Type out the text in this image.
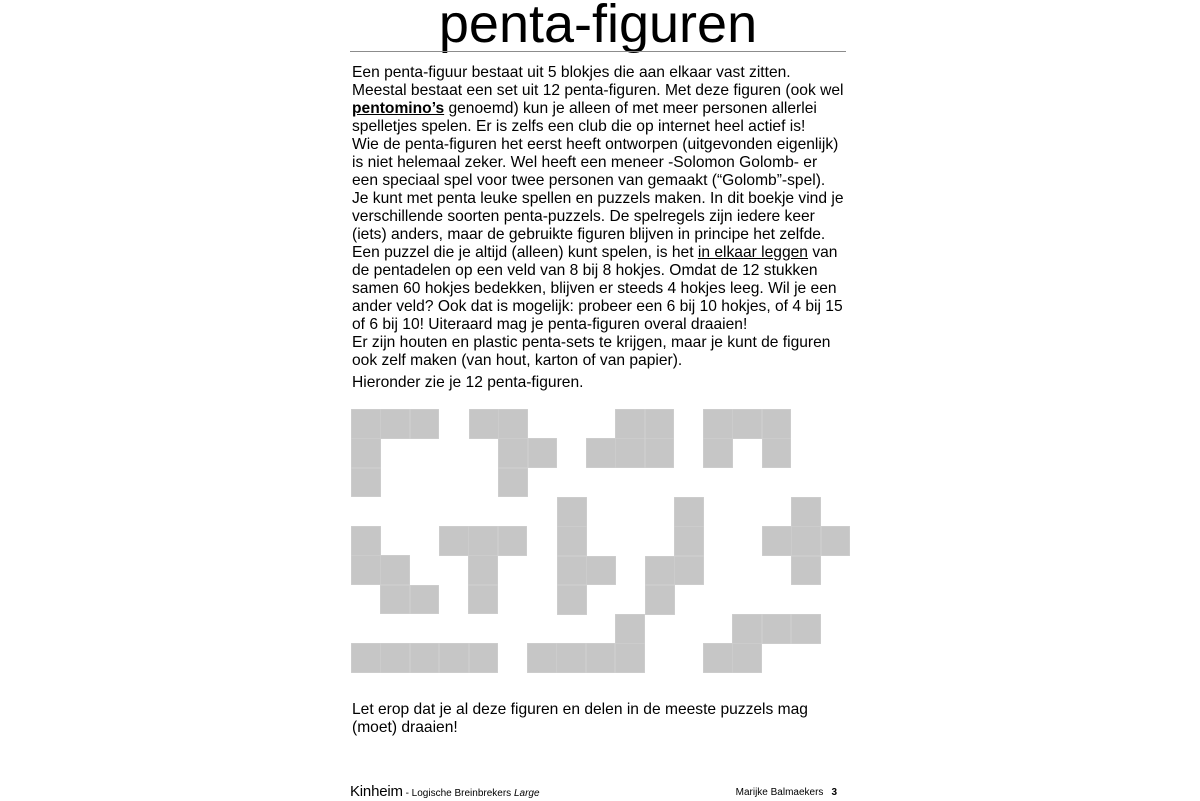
penta-figuren

Een penta-figuur bestaat uit 5 blokjes die aan elkaar vast zitten. Meestal bestaat een set uit 12 penta-figuren. Met deze figuren (ook wel pentomino’s genoemd) kun je alleen of met meer personen allerlei spelletjes spelen. Er is zelfs een club die op internet heel actief is!

Wie de penta-figuren het eerst heeft ontworpen (uitgevonden eigenlijk) is niet helemaal zeker. Wel heeft een meneer -Solomon Golomb- er een speciaal spel voor twee personen van gemaakt (“Golomb”-spel).

Je kunt met penta leuke spellen en puzzels maken. In dit boekje vind je verschillende soorten penta-puzzels. De spelregels zijn iedere keer (iets) anders, maar de gebruikte figuren blijven in principe het zelfde.

Een puzzel die je altijd (alleen) kunt spelen, is het in elkaar leggen van de pentadelen op een veld van 8 bij 8 hokjes. Omdat de 12 stukken samen 60 hokjes bedekken, blijven er steeds 4 hokjes leeg. Wil je een ander veld? Ook dat is mogelijk: probeer een 6 bij 10 hokjes, of 4 bij 15 of 6 bij 10! Uiteraard mag je penta-figuren overal draaien!

Er zijn houten en plastic penta-sets te krijgen, maar je kunt de figuren ook zelf maken (van hout, karton of van papier).

Hieronder zie je 12 penta-figuren.
Let erop dat je al deze figuren en delen in de meeste puzzels mag (moet) draaien!
Kinheim - Logische Breinbrekers Large	Marijke Balmaekers 3
